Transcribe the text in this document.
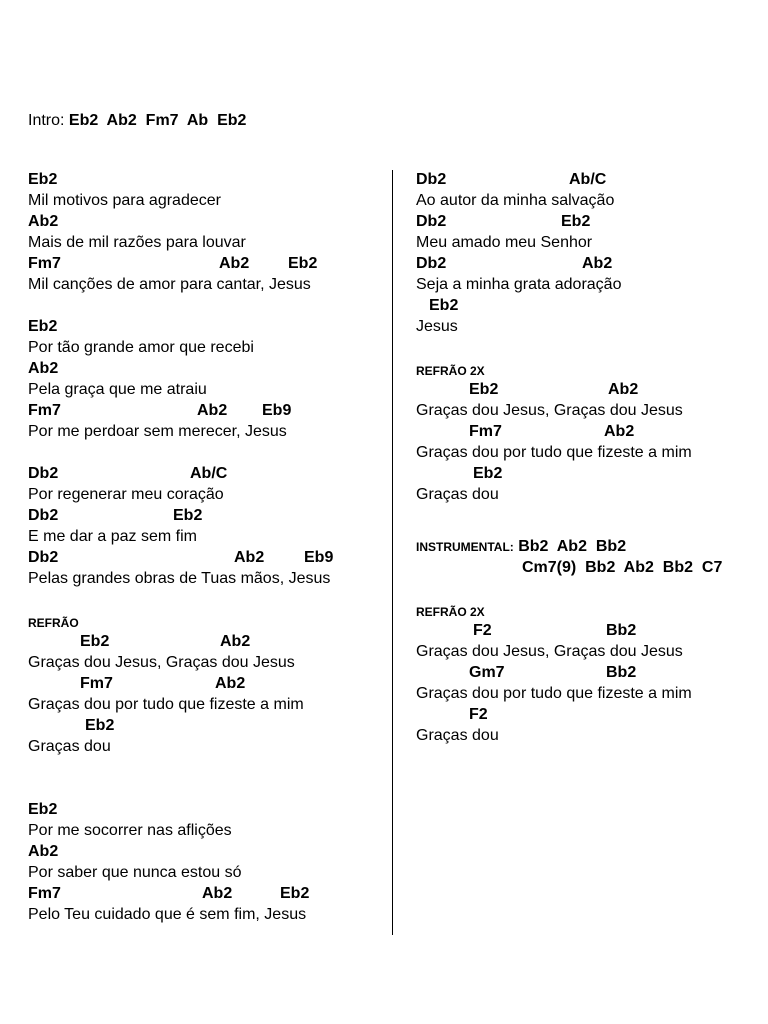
Intro: Eb2  Ab2  Fm7  Ab  Eb2

Eb2

Mil motivos para agradecer

Ab2

Mais de mil razões para louvar

Fm7

	Ab2

Eb2

Mil canções de amor para cantar, Jesus

Eb2

Por tão grande amor que recebi

Ab2

Pela graça que me atraiu

Fm7

	Ab2

Eb9

Por me perdoar sem merecer, Jesus

Db2

	Ab/C

Por regenerar meu coração

Db2

	Eb2

E me dar a paz sem fim

Db2

	Ab2

Eb9

Pelas grandes obras de Tuas mãos, Jesus
REFRÃO

Eb2

	Ab2

Graças dou Jesus, Graças dou Jesus

Fm7

	Ab2

Graças dou por tudo que fizeste a mim

Eb2

Graças dou

Eb2

Por me socorrer nas aflições

Ab2

Por saber que nunca estou só

Fm7

	Ab2

	Eb2

Pelo Teu cuidado que é sem fim, Jesus

Db2

	Ab/C

Ao autor da minha salvação

Db2

	Eb2

Meu amado meu Senhor

Db2

	Ab2

Seja a minha grata adoração

Eb2

Jesus
REFRÃO 2X

Eb2

	Ab2

Graças dou Jesus, Graças dou Jesus

Fm7

	Ab2

Graças dou por tudo que fizeste a mim

Eb2

Graças dou
INSTRUMENTAL: Bb2  Ab2  Bb2
Cm7(9)  Bb2  Ab2  Bb2  C7
REFRÃO 2X

F2

	Bb2

Graças dou Jesus, Graças dou Jesus

Gm7

	Bb2

Graças dou por tudo que fizeste a mim

F2

Graças dou
